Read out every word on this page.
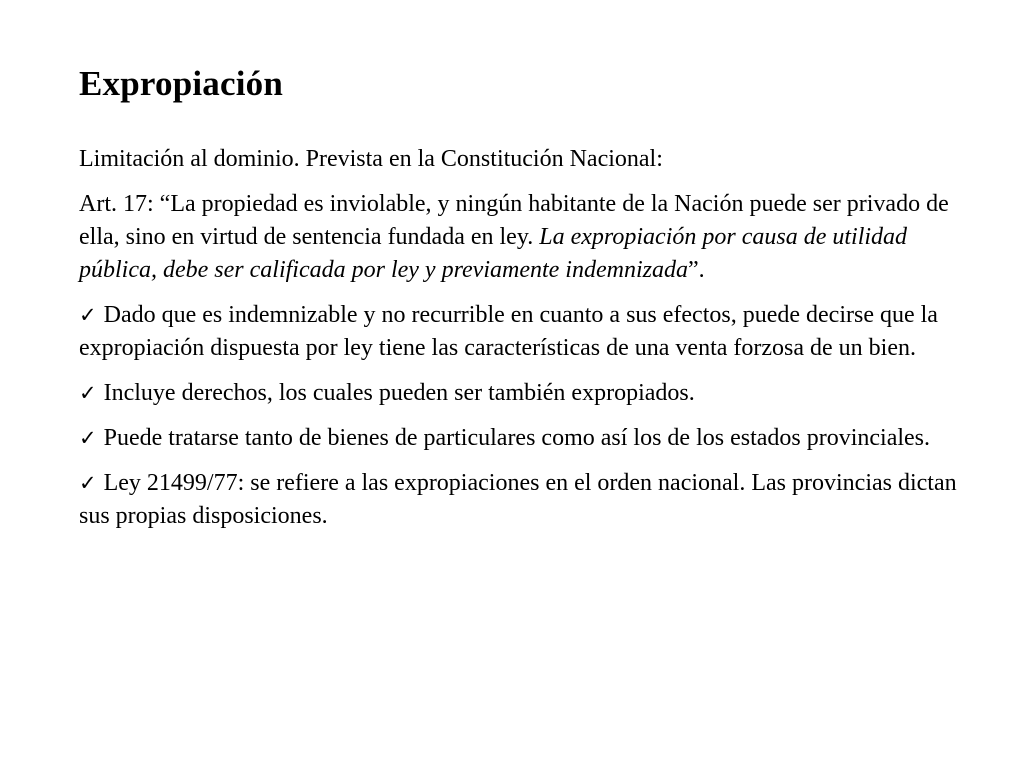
Expropiación

Limitación al dominio. Prevista en la Constitución Nacional:

Art. 17: “La propiedad es inviolable, y ningún habitante de la Nación puede ser privado de ella, sino en virtud de sentencia fundada en ley. La expropiación por causa de utilidad pública, debe ser calificada por ley y previamente indemnizada”.

✓ Dado que es indemnizable y no recurrible en cuanto a sus efectos, puede decirse que la expropiación dispuesta por ley tiene las características de una venta forzosa de un bien.

✓ Incluye derechos, los cuales pueden ser también expropiados.

✓ Puede tratarse tanto de bienes de particulares como así los de los estados provinciales.

✓ Ley 21499/77: se refiere a las expropiaciones en el orden nacional. Las provincias dictan sus propias disposiciones.
